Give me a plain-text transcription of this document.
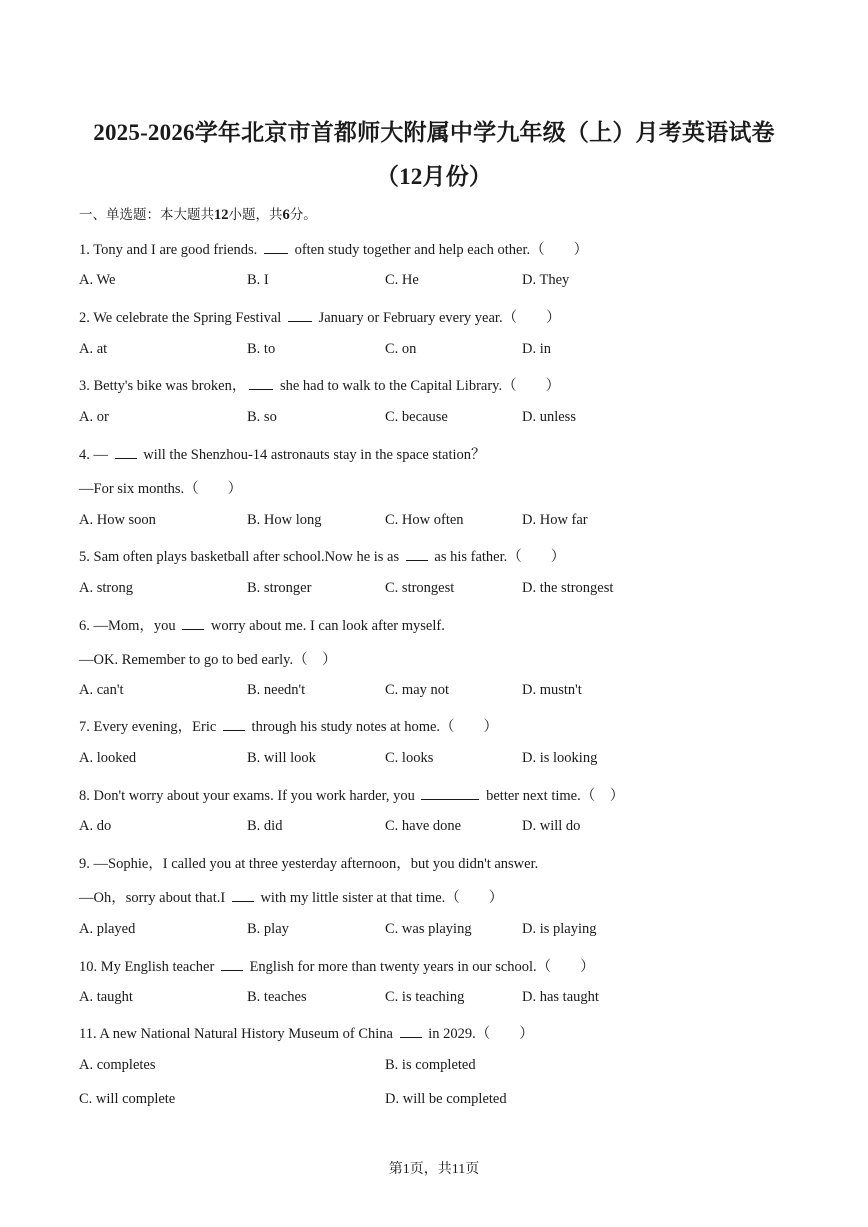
2025-2026学年北京市首都师大附属中学九年级（上）月考英语试卷
（12月份）
一、单选题：本大题共12小题，共6分。
1. Tony and I are good friends.  often study together and help each other.（　　）
A. We	B. I	C. He	D. They
2. We celebrate the Spring Festival  January or February every year.（　　）
A. at	B. to	C. on	D. in
3. Betty's bike was broken， she had to walk to the Capital Library.（　　）
A. or	B. so	C. because	D. unless
4. —  will the Shenzhou-14 astronauts stay in the space station？
—For six months.（　　）
A. How soon	B. How long	C. How often	D. How far
5. Sam often plays basketball after school.Now he is as  as his father.（　　）
A. strong	B. stronger	C. strongest	D. the strongest
6. —Mom，you  worry about me. I can look after myself.
—OK. Remember to go to bed early.（　）
A. can't	B. needn't	C. may not	D. mustn't
7. Every evening，Eric  through his study notes at home.（　　）
A. looked	B. will look	C. looks	D. is looking
8. Don't worry about your exams. If you work harder, you	better next time.（　）
A. do	B. did	C. have done	D. will do
9. —Sophie，I called you at three yesterday afternoon，but you didn't answer.
—Oh，sorry about that.I  with my little sister at that time.（　　）
A. played	B. play	C. was playing	D. is playing
10. My English teacher  English for more than twenty years in our school.（　　）
A. taught	B. teaches	C. is teaching	D. has taught
11. A new National Natural History Museum of China  in 2029.（　　）
A. completes	B. is completed
C. will complete	D. will be completed
第1页，共11页
